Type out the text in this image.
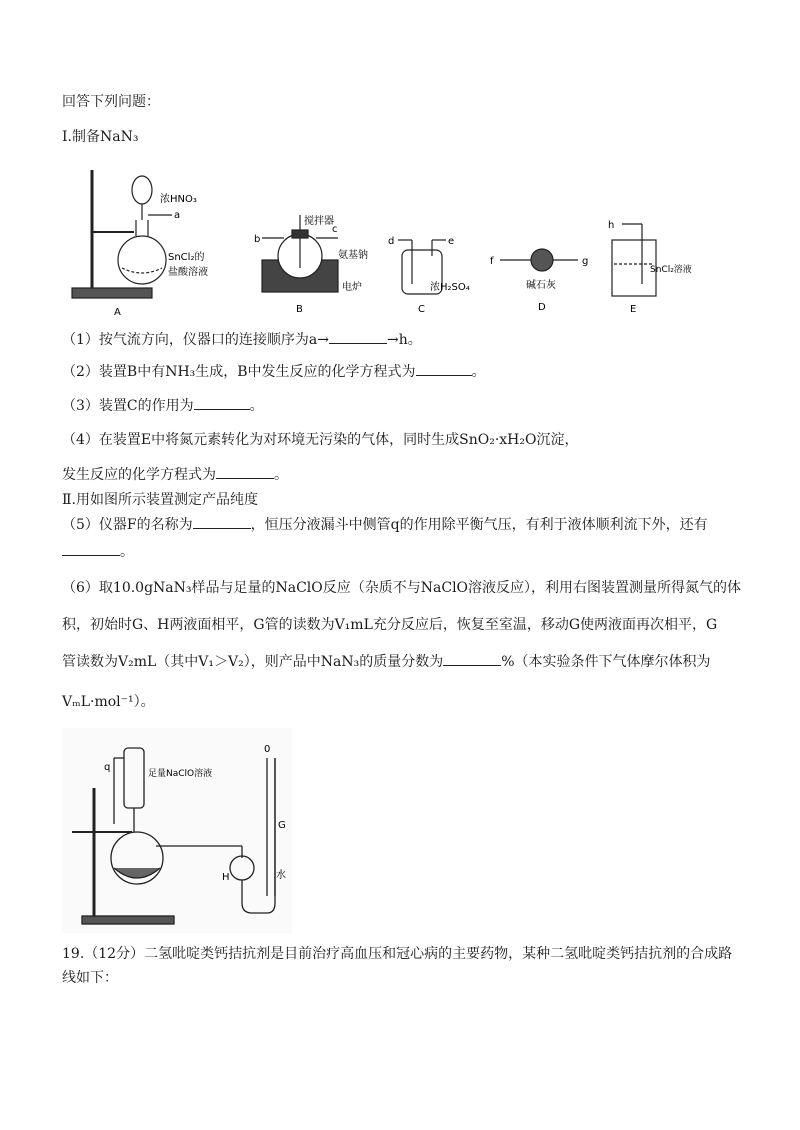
回答下列问题：
Ⅰ.制备NaN₃
浓HNO₃
a
SnCl₂的
盐酸溶液
A
b
c
搅拌器
氨基钠
电炉
B
d	e
浓H₂SO₄
C
f	g
碱石灰
D
h
SnCl₂溶液
E
（1）按气流方向，仪器口的连接顺序为a→	→h。
（2）装置B中有NH₃生成，B中发生反应的化学方程式为	。
（3）装置C的作用为	。
（4）在装置E中将氮元素转化为对环境无污染的气体，同时生成SnO₂·xH₂O沉淀，
发生反应的化学方程式为	。
Ⅱ.用如图所示装置测定产品纯度
（5）仪器F的名称为	，恒压分液漏斗中侧管q的作用除平衡气压，有利于液体顺利流下外，还有
。
（6）取10.0gNaN₃样品与足量的NaClO反应（杂质不与NaClO溶液反应），利用右图装置测量所得氮气的体
积，初始时G、H两液面相平，G管的读数为V₁mL充分反应后，恢复至室温，移动G使两液面再次相平，G
管读数为V₂mL（其中V₁＞V₂），则产品中NaN₃的质量分数为	%（本实验条件下气体摩尔体积为
VₘL·mol⁻¹）。
q
足量NaClO溶液
H
0
G
水
19.（12分）二氢吡啶类钙拮抗剂是目前治疗高血压和冠心病的主要药物，某种二氢吡啶类钙拮抗剂的合成路
线如下：
